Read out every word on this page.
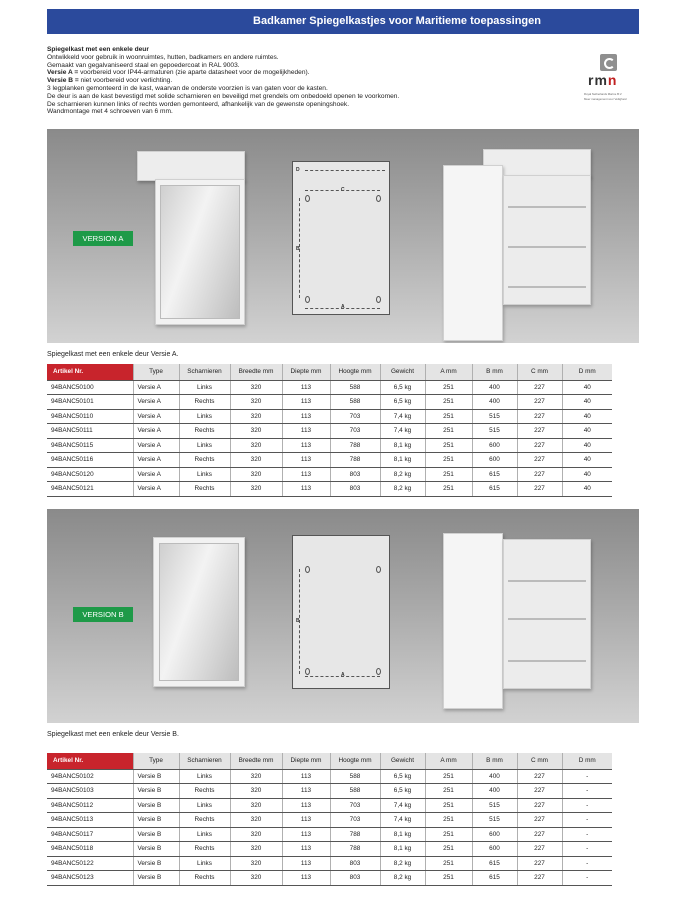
Badkamer Spiegelkastjes voor Maritieme toepassingen
Spiegelkast met een enkele deur
Ontwikkeld voor gebruik in woonruimtes, hutten, badkamers en andere ruimtes.
Gemaakt van gegalvaniseerd staal en gepoedercoat in RAL 9003.
Versie A = voorbereid voor IP44-armaturen (zie aparte datasheet voor de mogelijkheden).
Versie B = niet voorbereid voor verlichting.
3 legplanken gemonteerd in de kast, waarvan de onderste voorzien is van gaten voor de kasten.
De deur is aan de kast bevestigd met solide scharnieren en beveiligd met grendels om onbedoeld openen te voorkomen.
De scharnieren kunnen links of rechts worden gemonteerd, afhankelijk van de gewenste openingshoek.
Wandmontage met 4 schroeven van 6 mm.
rmn
Royal Netherlands Marine B.V.
Meer management voor Veiligheid
VERSION A
D
C
B
A
Spiegelkast met een enkele deur Versie A.
Artikel Nr.	Type	Scharnieren	Breedte mm	Diepte mm	Hoogte mm	Gewicht	A mm	B mm	C mm	D mm
94BANC50100	Versie A	Links	320	113	588	6,5 kg	251	400	227	40
94BANC50101	Versie A	Rechts	320	113	588	6,5 kg	251	400	227	40
94BANC50110	Versie A	Links	320	113	703	7,4 kg	251	515	227	40
94BANC50111	Versie A	Rechts	320	113	703	7,4 kg	251	515	227	40
94BANC50115	Versie A	Links	320	113	788	8,1 kg	251	600	227	40
94BANC50116	Versie A	Rechts	320	113	788	8,1 kg	251	600	227	40
94BANC50120	Versie A	Links	320	113	803	8,2 kg	251	615	227	40
94BANC50121	Versie A	Rechts	320	113	803	8,2 kg	251	615	227	40
VERSION B
B
A
Spiegelkast met een enkele deur Versie B.
Artikel Nr.	Type	Scharnieren	Breedte mm	Diepte mm	Hoogte mm	Gewicht	A mm	B mm	C mm	D mm
94BANC50102	Versie B	Links	320	113	588	6,5 kg	251	400	227	-
94BANC50103	Versie B	Rechts	320	113	588	6,5 kg	251	400	227	-
94BANC50112	Versie B	Links	320	113	703	7,4 kg	251	515	227	-
94BANC50113	Versie B	Rechts	320	113	703	7,4 kg	251	515	227	-
94BANC50117	Versie B	Links	320	113	788	8,1 kg	251	600	227	-
94BANC50118	Versie B	Rechts	320	113	788	8,1 kg	251	600	227	-
94BANC50122	Versie B	Links	320	113	803	8,2 kg	251	615	227	-
94BANC50123	Versie B	Rechts	320	113	803	8,2 kg	251	615	227	-
